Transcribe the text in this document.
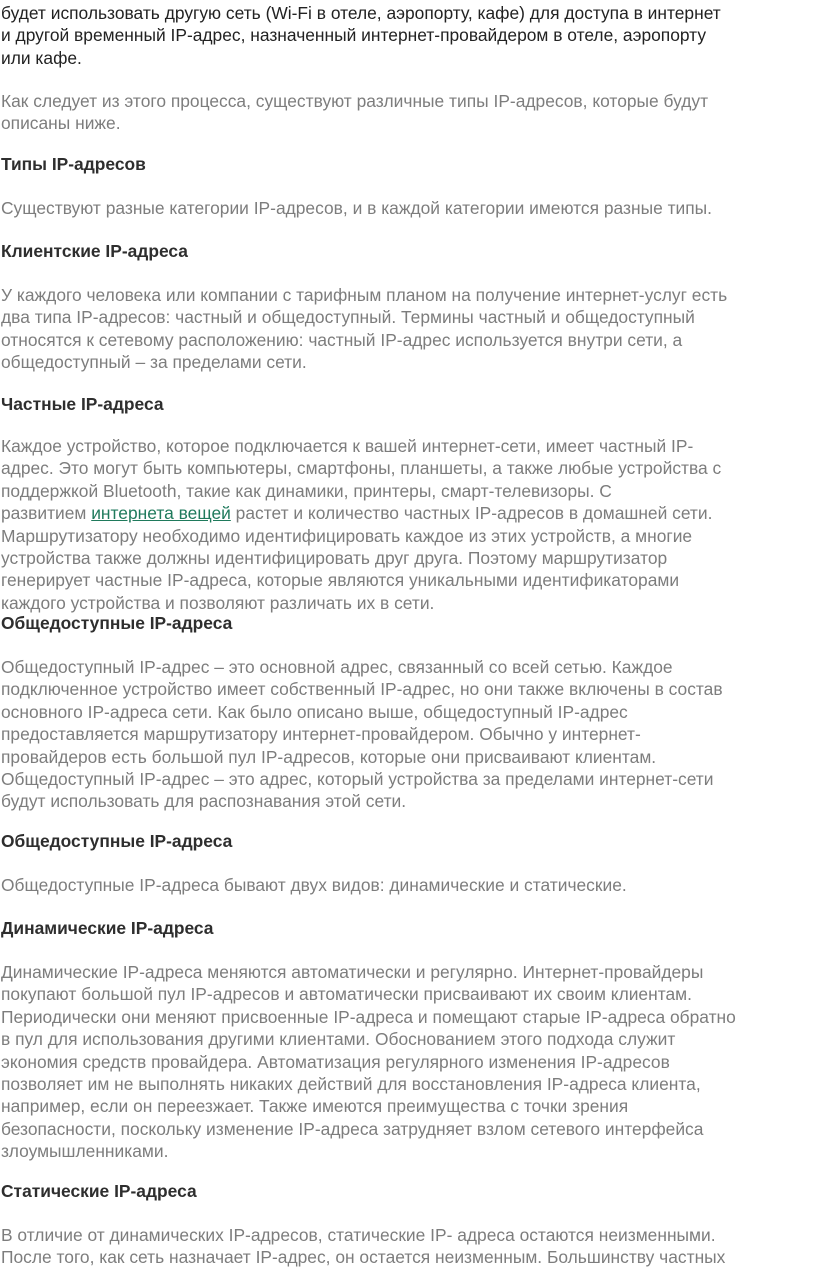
будет использовать другую сеть (Wi-Fi в отеле, аэропорту, кафе) для доступа в интернет
и другой временный IP-адрес, назначенный интернет-провайдером в отеле, аэропорту
или кафе.

Как следует из этого процесса, существуют различные типы IP-адресов, которые будут
описаны ниже.

Типы IP-адресов

Существуют разные категории IP-адресов, и в каждой категории имеются разные типы.

Клиентские IP-адреса

У каждого человека или компании с тарифным планом на получение интернет-услуг есть
два типа IP-адресов: частный и общедоступный. Термины частный и общедоступный
относятся к сетевому расположению: частный IP-адрес используется внутри сети, а
общедоступный – за пределами сети.

Частные IP-адреса

Каждое устройство, которое подключается к вашей интернет-сети, имеет частный IP-
адрес. Это могут быть компьютеры, смартфоны, планшеты, а также любые устройства с
поддержкой Bluetooth, такие как динамики, принтеры, смарт-телевизоры. С
развитием интернета вещей растет и количество частных IP-адресов в домашней сети.
Маршрутизатору необходимо идентифицировать каждое из этих устройств, а многие
устройства также должны идентифицировать друг друга. Поэтому маршрутизатор
генерирует частные IP-адреса, которые являются уникальными идентификаторами
каждого устройства и позволяют различать их в сети.

Общедоступные IP-адреса

Общедоступный IP-адрес – это основной адрес, связанный со всей сетью. Каждое
подключенное устройство имеет собственный IP-адрес, но они также включены в состав
основного IP-адреса сети. Как было описано выше, общедоступный IP-адрес
предоставляется маршрутизатору интернет-провайдером. Обычно у интернет-
провайдеров есть большой пул IP-адресов, которые они присваивают клиентам.
Общедоступный IP-адрес – это адрес, который устройства за пределами интернет-сети
будут использовать для распознавания этой сети.

Общедоступные IP-адреса

Общедоступные IP-адреса бывают двух видов: динамические и статические.

Динамические IP-адреса

Динамические IP-адреса меняются автоматически и регулярно. Интернет-провайдеры
покупают большой пул IP-адресов и автоматически присваивают их своим клиентам.
Периодически они меняют присвоенные IP-адреса и помещают старые IP-адреса обратно
в пул для использования другими клиентами. Обоснованием этого подхода служит
экономия средств провайдера. Автоматизация регулярного изменения IP-адресов
позволяет им не выполнять никаких действий для восстановления IP-адреса клиента,
например, если он переезжает. Также имеются преимущества с точки зрения
безопасности, поскольку изменение IP-адреса затрудняет взлом сетевого интерфейса
злоумышленниками.

Статические IP-адреса

В отличие от динамических IP-адресов, статические IP- адреса остаются неизменными.
После того, как сеть назначает IP-адрес, он остается неизменным. Большинству частных
